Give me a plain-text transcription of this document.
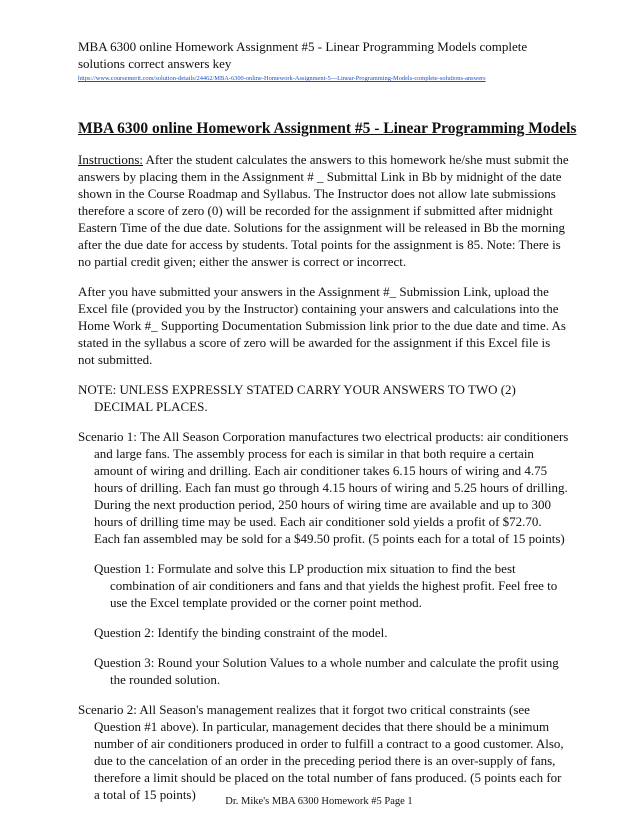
MBA 6300 online Homework Assignment #5 - Linear Programming Models complete solutions correct answers key

https://www.coursemerit.com/solution-details/24462/MBA-6300-online-Homework-Assignment-5---Linear-Programming-Models-complete-solutions-answers

MBA 6300 online Homework Assignment #5 - Linear Programming Models

Instructions: After the student calculates the answers to this homework he/she must submit the answers by placing them in the Assignment # _ Submittal Link in Bb by midnight of the date shown in the Course Roadmap and Syllabus. The Instructor does not allow late submissions therefore a score of zero (0) will be recorded for the assignment if submitted after midnight Eastern Time of the due date. Solutions for the assignment will be released in Bb the morning after the due date for access by students. Total points for the assignment is 85. Note: There is no partial credit given; either the answer is correct or incorrect.

After you have submitted your answers in the Assignment #_ Submission Link, upload the Excel file (provided you by the Instructor) containing your answers and calculations into the Home Work #_ Supporting Documentation Submission link prior to the due date and time. As stated in the syllabus a score of zero will be awarded for the assignment if this Excel file is not submitted.

NOTE: UNLESS EXPRESSLY STATED CARRY YOUR ANSWERS TO TWO (2) DECIMAL PLACES.

Scenario 1: The All Season Corporation manufactures two electrical products: air conditioners and large fans. The assembly process for each is similar in that both require a certain amount of wiring and drilling. Each air conditioner takes 6.15 hours of wiring and 4.75 hours of drilling. Each fan must go through 4.15 hours of wiring and 5.25 hours of drilling. During the next production period, 250 hours of wiring time are available and up to 300 hours of drilling time may be used. Each air conditioner sold yields a profit of $72.70. Each fan assembled may be sold for a $49.50 profit. (5 points each for a total of 15 points)

Question 1: Formulate and solve this LP production mix situation to find the best combination of air conditioners and fans and that yields the highest profit. Feel free to use the Excel template provided or the corner point method.

Question 2: Identify the binding constraint of the model.

Question 3: Round your Solution Values to a whole number and calculate the profit using the rounded solution.

Scenario 2: All Season's management realizes that it forgot two critical constraints (see Question #1 above). In particular, management decides that there should be a minimum number of air conditioners produced in order to fulfill a contract to a good customer. Also, due to the cancelation of an order in the preceding period there is an over-supply of fans, therefore a limit should be placed on the total number of fans produced. (5 points each for a total of 15 points)	Dr. Mike's MBA 6300 Homework #5 Page 1
